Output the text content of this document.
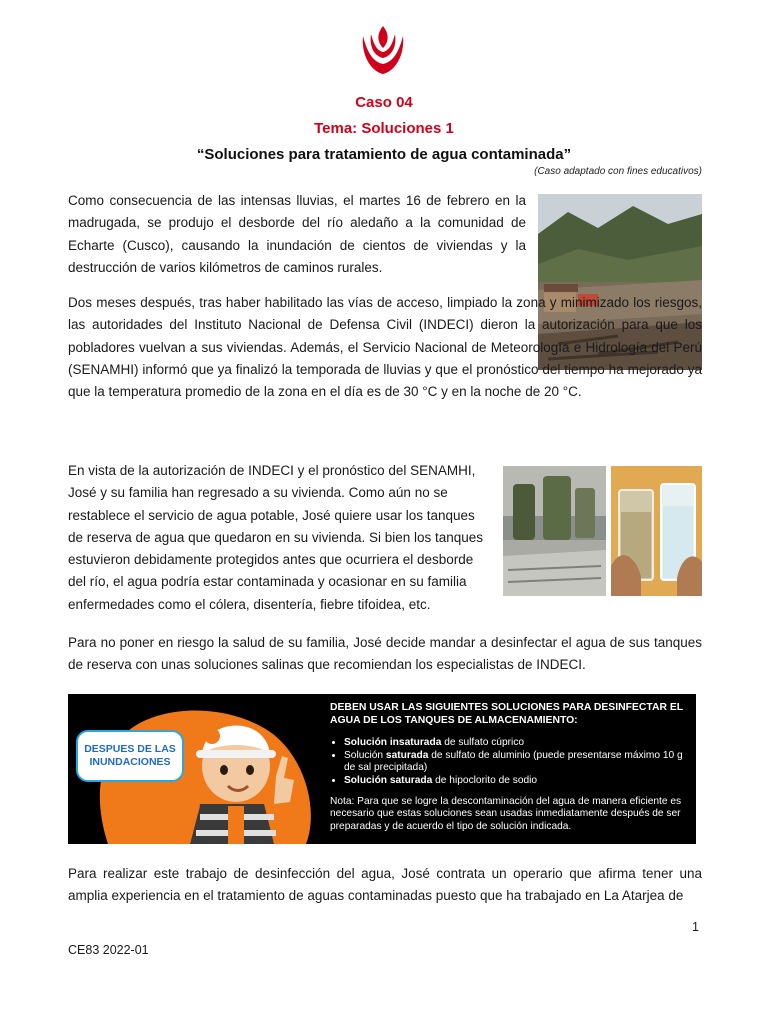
Caso 04
Tema: Soluciones 1
“Soluciones para tratamiento de agua contaminada”
(Caso adaptado con fines educativos)
Como consecuencia de las intensas lluvias, el martes 16 de febrero en la madrugada, se produjo el desborde del río aledaño a la comunidad de Echarte (Cusco), causando la inundación de cientos de viviendas y la destrucción de varios kilómetros de caminos rurales.
Dos meses después, tras haber habilitado las vías de acceso, limpiado la zona y minimizado los riesgos, las autoridades del Instituto Nacional de Defensa Civil (INDECI) dieron la autorización para que los pobladores vuelvan a sus viviendas. Además, el Servicio Nacional de Meteorología e Hidrología del Perú (SENAMHI) informó que ya finalizó la temporada de lluvias y que el pronóstico del tiempo ha mejorado ya que la temperatura promedio de la zona en el día es de 30 °C y en la noche de 20 °C.
En vista de la autorización de INDECI y el pronóstico del SENAMHI, José y su familia han regresado a su vivienda. Como aún no se restablece el servicio de agua potable, José quiere usar los tanques de reserva de agua que quedaron en su vivienda. Si bien los tanques estuvieron debidamente protegidos antes que ocurriera el desborde del río, el agua podría estar contaminada y ocasionar en su familia enfermedades como el cólera, disentería, fiebre tifoidea, etc.
Para no poner en riesgo la salud de su familia, José decide mandar a desinfectar el agua de sus tanques de reserva con unas soluciones salinas que recomiendan los especialistas de INDECI.
DESPUES DE LAS INUNDACIONES
DEBEN USAR LAS SIGUIENTES SOLUCIONES PARA DESINFECTAR EL AGUA DE LOS TANQUES DE ALMACENAMIENTO:
• Solución insaturada de sulfato cúprico
• Solución saturada de sulfato de aluminio (puede presentarse máximo 10 g de sal precipitada)
• Solución saturada de hipoclorito de sodio
Nota: Para que se logre la descontaminación del agua de manera eficiente es necesario que estas soluciones sean usadas inmediatamente después de ser preparadas y de acuerdo el tipo de solución indicada.
Para realizar este trabajo de desinfección del agua, José contrata un operario que afirma tener una amplia experiencia en el tratamiento de aguas contaminadas puesto que ha trabajado en La Atarjea de
1
CE83 2022-01
